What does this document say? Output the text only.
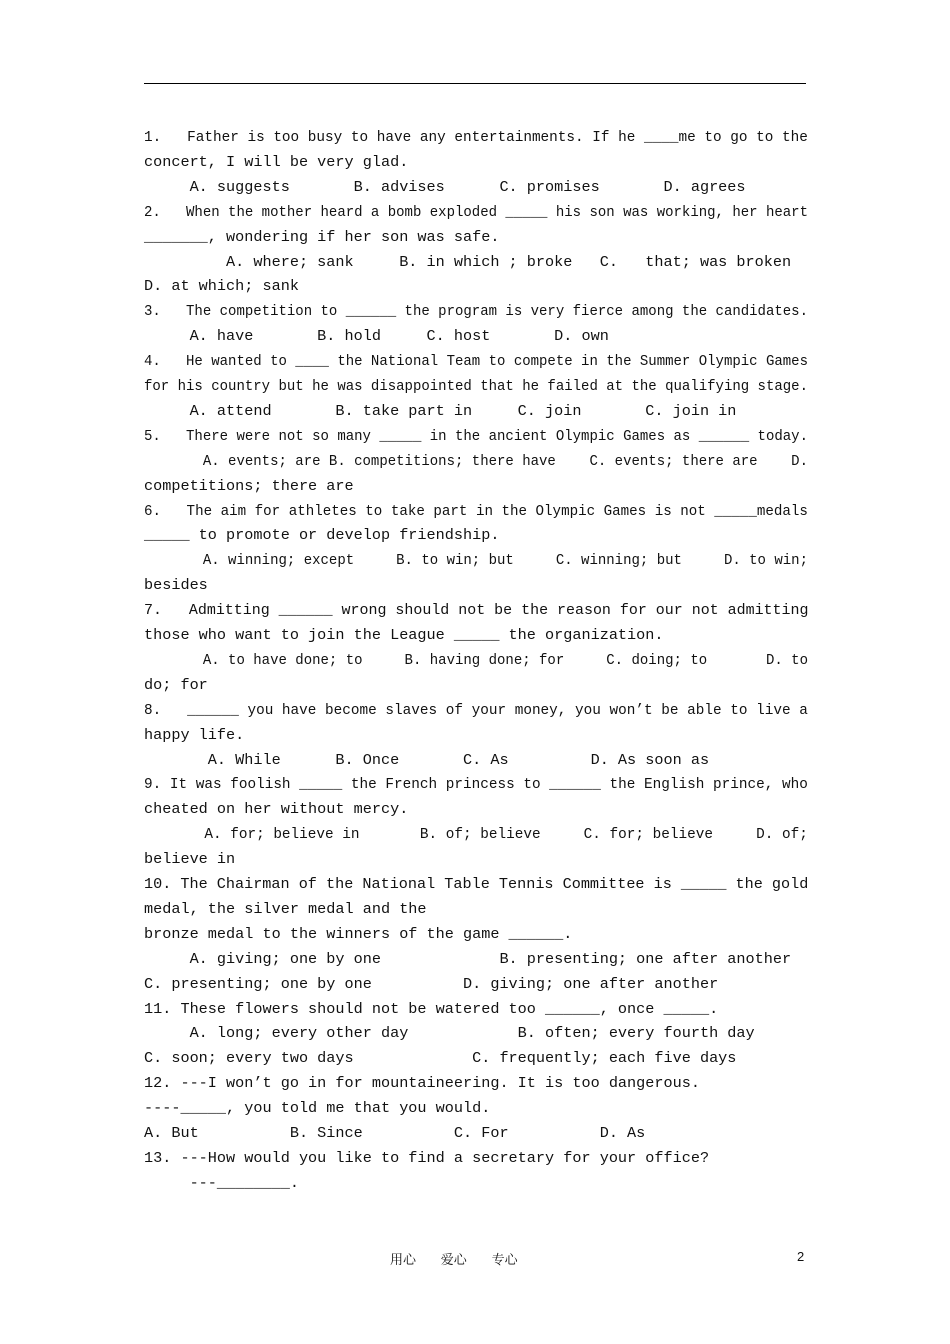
1.   Father is too busy to have any entertainments. If he ____me to go to the
concert, I will be very glad.
A. suggests       B. advises      C. promises       D. agrees
2.   When the mother heard a bomb exploded _____ his son was working, her heart
_______, wondering if her son was safe.
A. where; sank     B. in which ; broke   C.   that; was broken
D. at which; sank
3.   The competition to ______ the program is very fierce among the candidates.
A. have       B. hold     C. host       D. own
4.   He wanted to ____ the National Team to compete in the Summer Olympic Games
for his country but he was disappointed that he failed at the qualifying stage.
A. attend       B. take part in     C. join       C. join in
5.   There were not so many _____ in the ancient Olympic Games as ______ today.
A. events; are B. competitions; there have    C. events; there are    D.
competitions; there are
6.   The aim for athletes to take part in the Olympic Games is not _____medals
_____ to promote or develop friendship.
A. winning; except     B. to win; but     C. winning; but     D. to win;
besides
7.   Admitting ______ wrong should not be the reason for our not admitting
those who want to join the League _____ the organization.
A. to have done; to     B. having done; for     C. doing; to       D. to
do; for
8.   ______ you have become slaves of your money, you won’t be able to live a
happy life.
A. While      B. Once       C. As         D. As soon as
9. It was foolish _____ the French princess to ______ the English prince, who
cheated on her without mercy.
A. for; believe in       B. of; believe     C. for; believe     D. of;
believe in
10. The Chairman of the National Table Tennis Committee is _____ the gold
medal, the silver medal and the
bronze medal to the winners of the game ______.
A. giving; one by one             B. presenting; one after another
C. presenting; one by one          D. giving; one after another
11. These flowers should not be watered too ______, once _____.
A. long; every other day            B. often; every fourth day
C. soon; every two days             C. frequently; each five days
12. ---I won’t go in for mountaineering. It is too dangerous.
----_____, you told me that you would.
A. But          B. Since          C. For          D. As
13. ---How would you like to find a secretary for your office?
---________.
用心      爱心      专心	2
